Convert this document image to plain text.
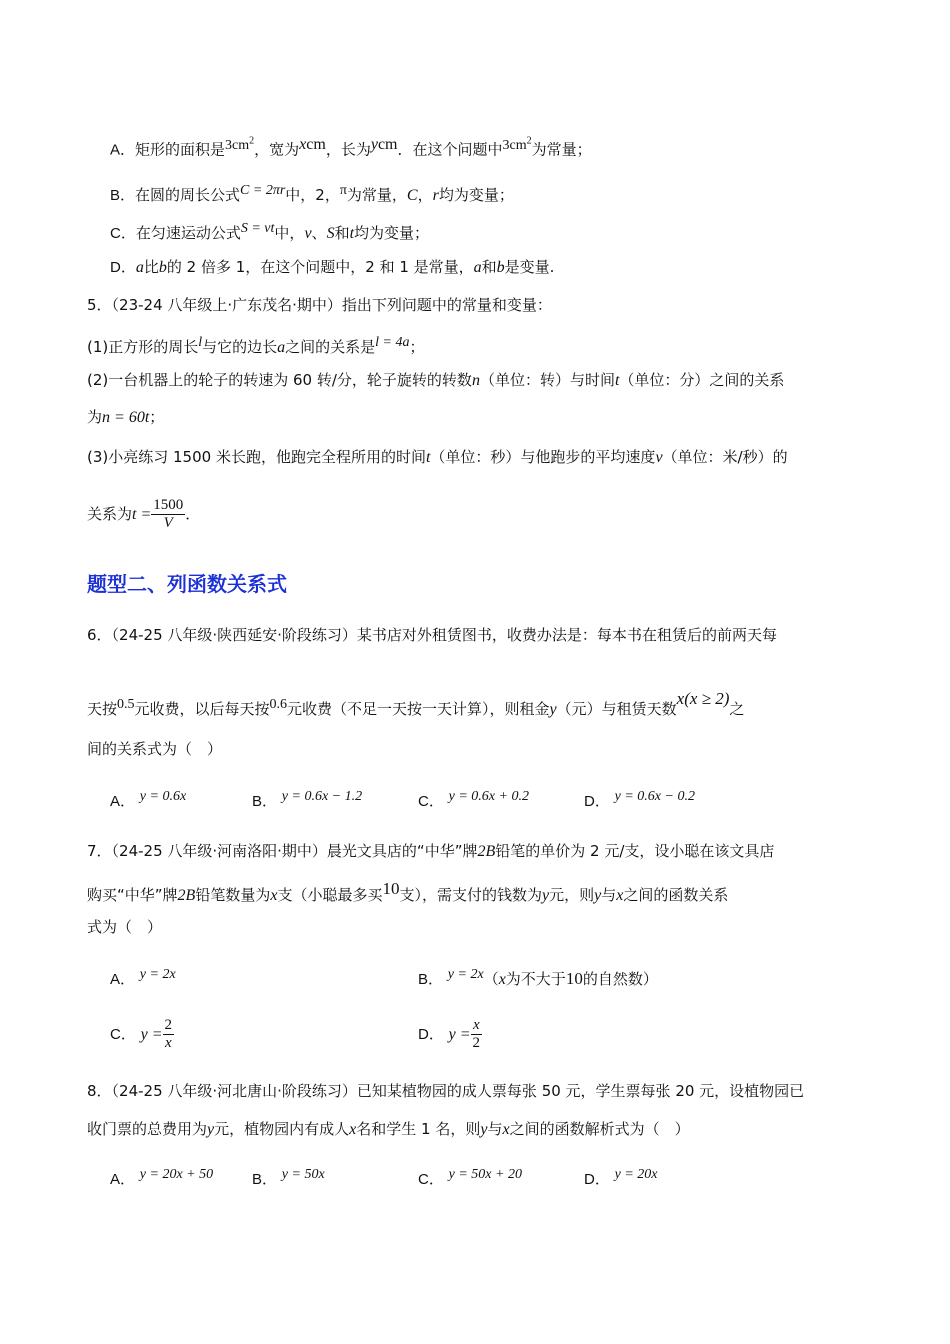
A．矩形的面积是$3cm^2$，宽为xcm，长为ycm．在这个问题中$3cm^2$为常量；
B．在圆的周长公式C = 2πr中，2，π为常量，C，r均为变量；
C．在匀速运动公式S = vt中，v、S和t均为变量；
D．a比b的 2 倍多 1，在这个问题中，2 和 1 是常量，a和b是变量.
5．（23-24 八年级上·广东茂名·期中）指出下列问题中的常量和变量：
(1)正方形的周长l与它的边长a之间的关系是l = 4a；
(2)一台机器上的轮子的转速为 60 转/分，轮子旋转的转数n（单位：转）与时间t（单位：分）之间的关系
为n = 60t；
(3)小亮练习 1500 米长跑，他跑完全程所用的时间t（单位：秒）与他跑步的平均速度v（单位：米/秒）的
关系为$t = \frac{1500}{V}$ ．
题型二、列函数关系式
6．（24-25 八年级·陕西延安·阶段练习）某书店对外租赁图书，收费办法是：每本书在租赁后的前两天每
天按0.5元收费，以后每天按0.6元收费（不足一天按一天计算），则租金y（元）与租赁天数x(x ≥ 2)之
间的关系式为（　）
A． y = 0.6x	B． y = 0.6x − 1.2	C． y = 0.6x + 0.2	D． y = 0.6x − 0.2
7．（24-25 八年级·河南洛阳·期中）晨光文具店的“中华”牌2B铅笔的单价为 2 元/支，设小聪在该文具店
购买“中华”牌2B铅笔数量为x支（小聪最多买10支），需支付的钱数为y元，则y与x之间的函数关系
式为（　）
A． y = 2x	B． y = 2x（x为不大于10的自然数）
C． $y = \frac{2}{x}$	D． $y = \frac{x}{2}$
8．（24-25 八年级·河北唐山·阶段练习）已知某植物园的成人票每张 50 元，学生票每张 20 元，设植物园已
收门票的总费用为y元，植物园内有成人x名和学生 1 名，则y与x之间的函数解析式为（　）
A． y = 20x + 50	B． y = 50x	C． y = 50x + 20	D． y = 20x
